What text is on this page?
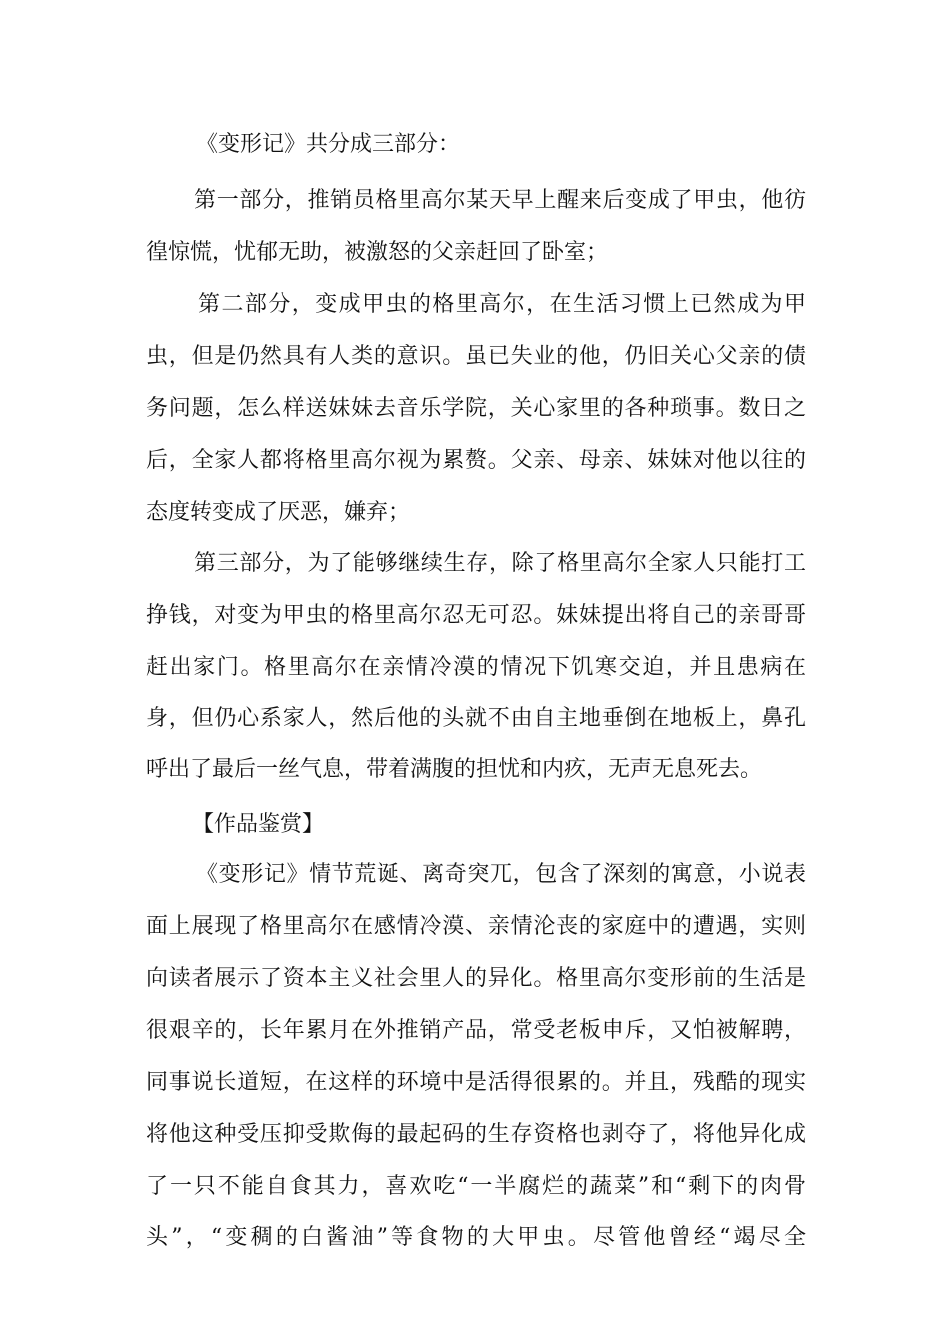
《变形记》共分成三部分：
第一部分，推销员格里高尔某天早上醒来后变成了甲虫，他彷
徨惊慌，忧郁无助，被激怒的父亲赶回了卧室；
第二部分，变成甲虫的格里高尔，在生活习惯上已然成为甲
虫，但是仍然具有人类的意识。虽已失业的他，仍旧关心父亲的债
务问题，怎么样送妹妹去音乐学院，关心家里的各种琐事。数日之
后，全家人都将格里高尔视为累赘。父亲、母亲、妹妹对他以往的
态度转变成了厌恶，嫌弃；
第三部分，为了能够继续生存，除了格里高尔全家人只能打工
挣钱，对变为甲虫的格里高尔忍无可忍。妹妹提出将自己的亲哥哥
赶出家门。格里高尔在亲情冷漠的情况下饥寒交迫，并且患病在
身，但仍心系家人，然后他的头就不由自主地垂倒在地板上，鼻孔
呼出了最后一丝气息，带着满腹的担忧和内疚，无声无息死去。
【作品鉴赏】
《变形记》情节荒诞、离奇突兀，包含了深刻的寓意，小说表
面上展现了格里高尔在感情冷漠、亲情沦丧的家庭中的遭遇，实则
向读者展示了资本主义社会里人的异化。格里高尔变形前的生活是
很艰辛的，长年累月在外推销产品，常受老板申斥，又怕被解聘，
同事说长道短，在这样的环境中是活得很累的。并且，残酷的现实
将他这种受压抑受欺侮的最起码的生存资格也剥夺了，将他异化成
了一只不能自食其力，喜欢吃“一半腐烂的蔬菜”和“剩下的肉骨
头”，“变稠的白酱油”等食物的大甲虫。尽管他曾经“竭尽全
